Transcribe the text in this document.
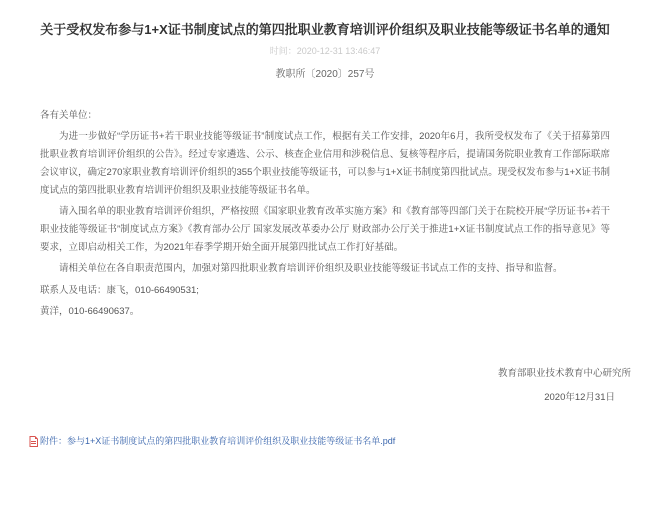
关于受权发布参与1+X证书制度试点的第四批职业教育培训评价组织及职业技能等级证书名单的通知
时间：2020-12-31 13:46:47
教职所〔2020〕257号

各有关单位：

为进一步做好“学历证书+若干职业技能等级证书”制度试点工作，根据有关工作安排，2020年6月，我所受权发布了《关于招募第四批职业教育培训评价组织的公告》。经过专家遴选、公示、核查企业信用和涉税信息、复核等程序后，提请国务院职业教育工作部际联席会议审议，确定270家职业教育培训评价组织的355个职业技能等级证书，可以参与1+X证书制度第四批试点。现受权发布参与1+X证书制度试点的第四批职业教育培训评价组织及职业技能等级证书名单。

请入围名单的职业教育培训评价组织，严格按照《国家职业教育改革实施方案》和《教育部等四部门关于在院校开展“学历证书+若干职业技能等级证书”制度试点方案》《教育部办公厅 国家发展改革委办公厅 财政部办公厅关于推进1+X证书制度试点工作的指导意见》等要求，立即启动相关工作，为2021年春季学期开始全面开展第四批试点工作打好基础。

请相关单位在各自职责范围内，加强对第四批职业教育培训评价组织及职业技能等级证书试点工作的支持、指导和监督。

联系人及电话：康飞，010-66490531;

黄洋，010-66490637。

教育部职业技术教育中心研究所
2020年12月31日
附件：参与1+X证书制度试点的第四批职业教育培训评价组织及职业技能等级证书名单.pdf
